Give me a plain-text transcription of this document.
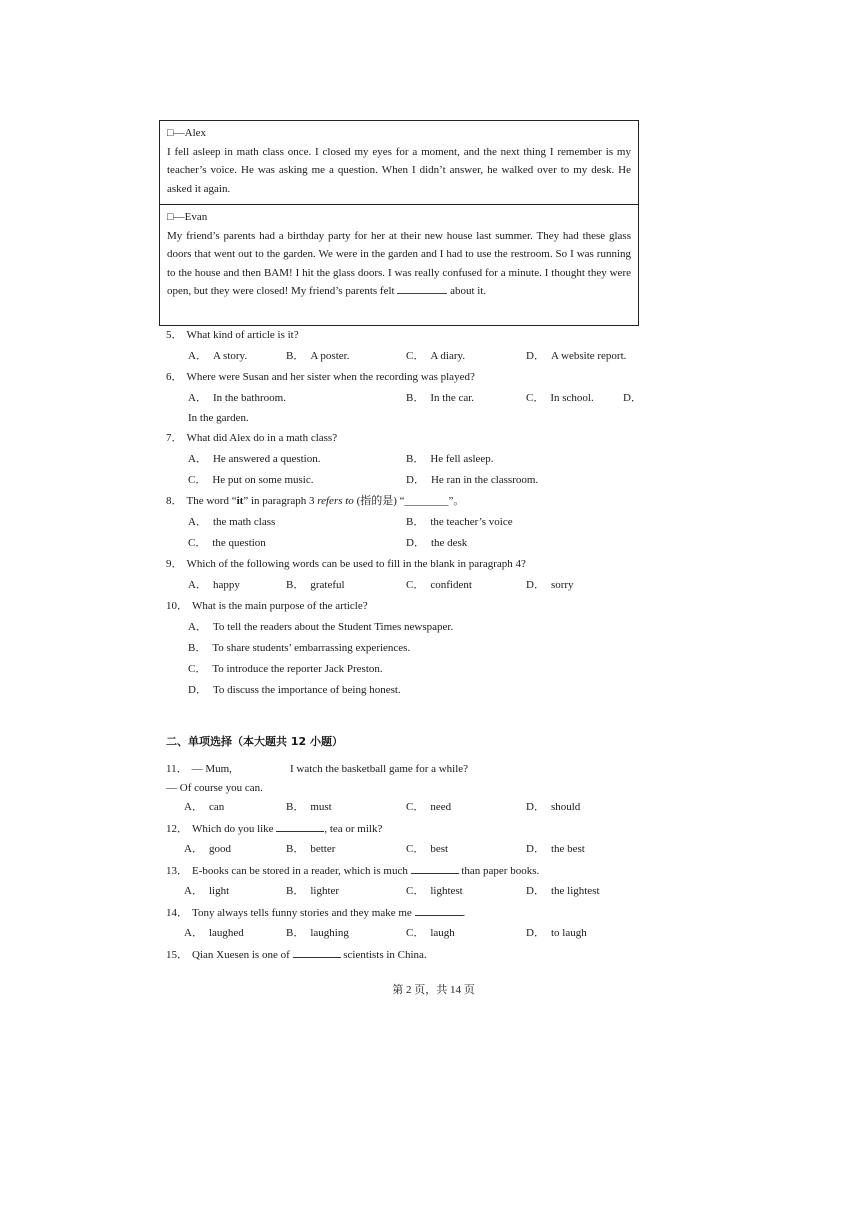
□—Alex

I fell asleep in math class once. I closed my eyes for a moment, and the next thing I remember is my teacher’s voice. He was asking me a question. When I didn’t answer, he walked over to my desk. He asked it again.

□—Evan

My friend’s parents had a birthday party for her at their new house last summer. They had these glass doors that went out to the garden. We were in the garden and I had to use the restroom. So I was running to the house and then BAM! I hit the glass doors. I was really confused for a minute. I thought they were open, but they were closed! My friend’s parents felt	about it.

5． What kind of article is it?
A． A story.	B． A poster.	C． A diary.	D． A website report.
6． Where were Susan and her sister when the recording was played?
A． In the bathroom.	B． In the car.	C． In school.	D．
In the garden.
7． What did Alex do in a math class?
A． He answered a question.	B． He fell asleep.
C． He put on some music.	D． He ran in the classroom.
8． The word “it” in paragraph 3 refers to (指的是) “________”。
A． the math class	B． the teacher’s voice
C． the question	D． the desk
9． Which of the following words can be used to fill in the blank in paragraph 4?
A． happy	B． grateful	C． confident	D． sorry
10． What is the main purpose of the article?
A． To tell the readers about the Student Times newspaper.
B． To share students’ embarrassing experiences.
C． To introduce the reporter Jack Preston.
D． To discuss the importance of being honest.
二、单项选择（本大题共 12 小题）
11． — Mum,	I watch the basketball game for a while?
— Of course you can.
A． can	B． must	C． need	D． should
12． Which do you like	, tea or milk?
A． good	B． better	C． best	D． the best
13． E-books can be stored in a reader, which is much	than paper books.
A． light	B． lighter	C． lightest	D． the lightest
14． Tony always tells funny stories and they make me	.
A． laughed	B． laughing	C． laugh	D． to laugh
15． Qian Xuesen is one of	scientists in China.
第 2 页，共 14 页
